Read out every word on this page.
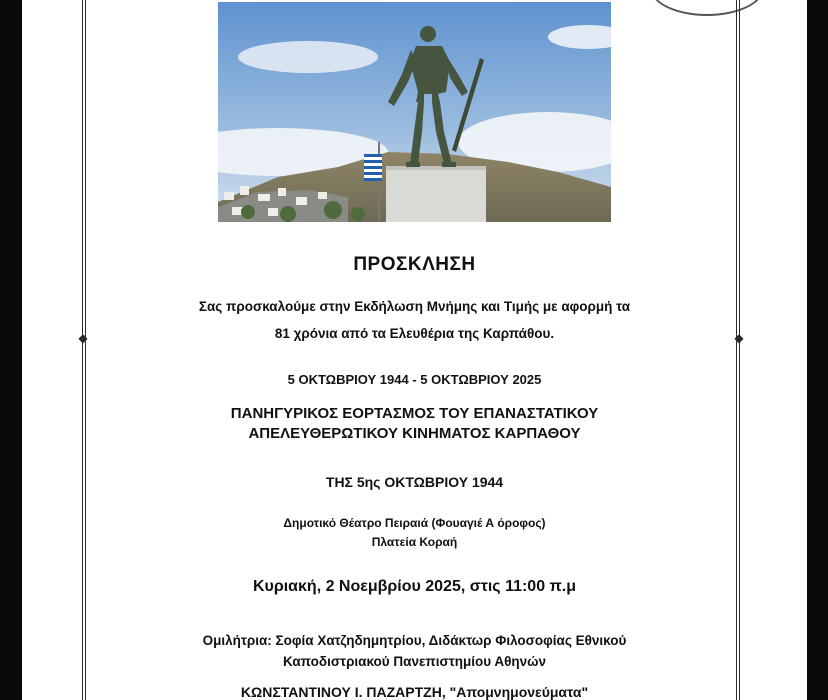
◆	◆
ΠΡΟΣΚΛΗΣΗ
Σας προσκαλούμε στην Εκδήλωση Μνήμης και Τιμής με αφορμή τα
81 χρόνια από τα Ελευθέρια της Καρπάθου.
5 ΟΚΤΩΒΡΙΟΥ 1944 - 5 ΟΚΤΩΒΡΙΟΥ 2025
ΠΑΝΗΓΥΡΙΚΟΣ ΕΟΡΤΑΣΜΟΣ ΤΟΥ ΕΠΑΝΑΣΤΑΤΙΚΟΥ
ΑΠΕΛΕΥΘΕΡΩΤΙΚΟΥ ΚΙΝΗΜΑΤΟΣ ΚΑΡΠΑΘΟΥ
ΤΗΣ 5ης ΟΚΤΩΒΡΙΟΥ 1944
Δημοτικό Θέατρο Πειραιά (Φουαγιέ Α όροφος)
Πλατεία Κοραή
Κυριακή, 2 Νοεμβρίου 2025, στις 11:00 π.μ
Ομιλήτρια: Σοφία Χατζηδημητρίου, Διδάκτωρ Φιλοσοφίας Εθνικού
Καποδιστριακού Πανεπιστημίου Αθηνών
ΚΩΝΣΤΑΝΤΙΝΟΥ Ι. ΠΑΖΑΡΤΖΗ, "Απομνημονεύματα"
